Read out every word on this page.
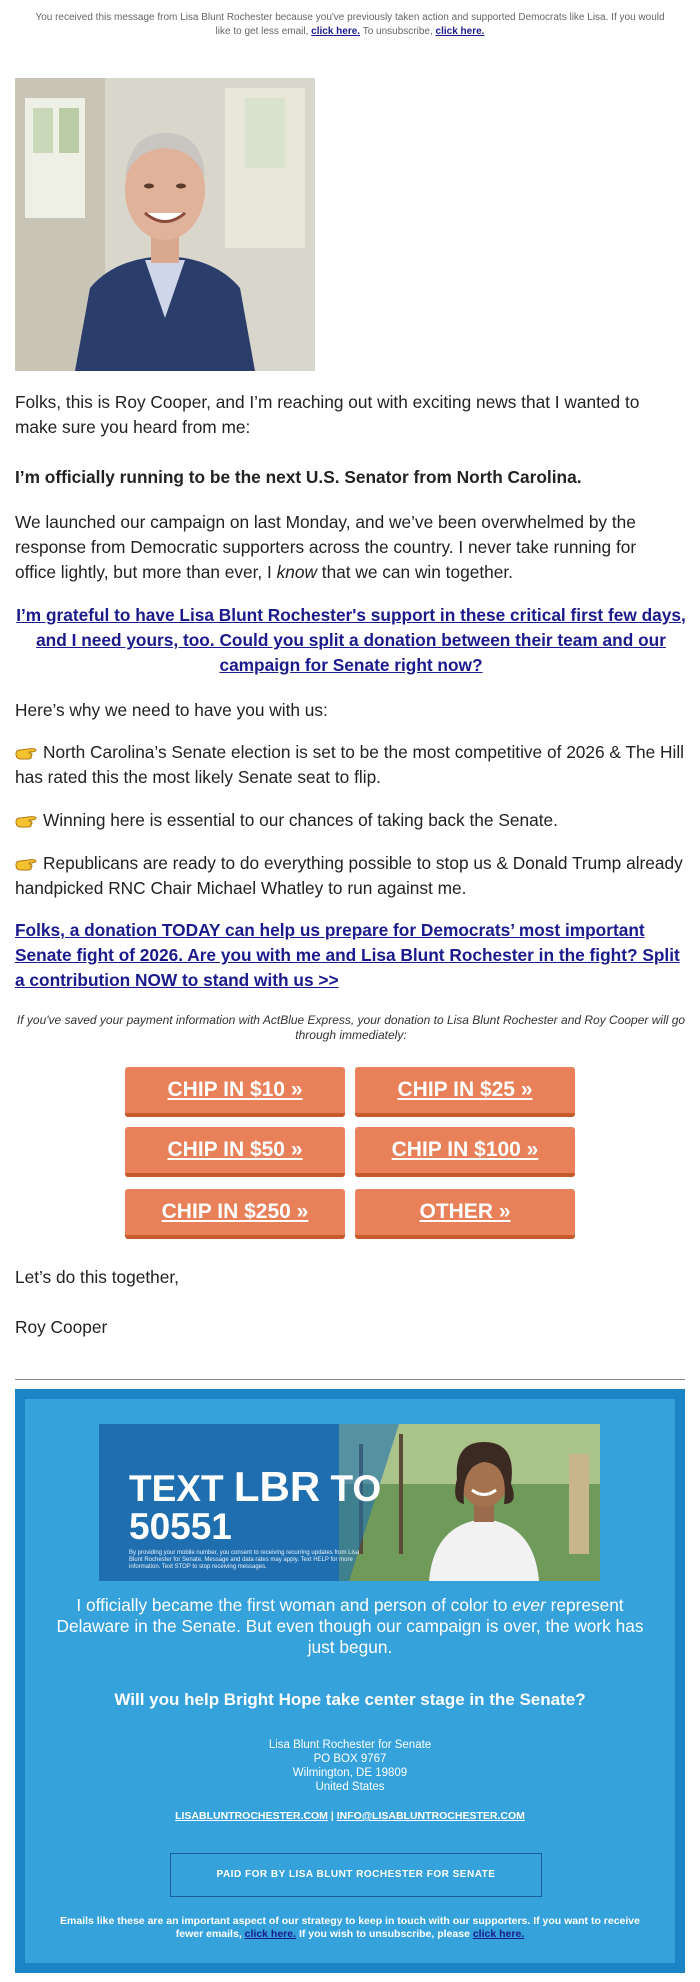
You received this message from Lisa Blunt Rochester because you've previously taken action and supported Democrats like Lisa. If you would like to get less email, click here. To unsubscribe, click here.

Folks, this is Roy Cooper, and I’m reaching out with exciting news that I wanted to make sure you heard from me:

I’m officially running to be the next U.S. Senator from North Carolina.

We launched our campaign on last Monday, and we’ve been overwhelmed by the response from Democratic supporters across the country. I never take running for office lightly, but more than ever, I know that we can win together.

I’m grateful to have Lisa Blunt Rochester's support in these critical first few days, and I need yours, too. Could you split a donation between their team and our campaign for Senate right now?

Here’s why we need to have you with us:

North Carolina’s Senate election is set to be the most competitive of 2026 & The Hill has rated this the most likely Senate seat to flip.

Winning here is essential to our chances of taking back the Senate.

Republicans are ready to do everything possible to stop us & Donald Trump already handpicked RNC Chair Michael Whatley to run against me.

Folks, a donation TODAY can help us prepare for Democrats’ most important Senate fight of 2026. Are you with me and Lisa Blunt Rochester in the fight? Split a contribution NOW to stand with us >>

If you've saved your payment information with ActBlue Express, your donation to Lisa Blunt Rochester and Roy Cooper will go through immediately:

CHIP IN $10 »	CHIP IN $25 »
CHIP IN $50 »	CHIP IN $100 »
CHIP IN $250 »	OTHER »

Let’s do this together,

Roy Cooper

TEXT LBR TO
50551
By providing your mobile number, you consent to receiving recurring updates from Lisa Blunt Rochester for Senate. Message and data rates may apply. Text HELP for more information. Text STOP to stop receiving messages.

I officially became the first woman and person of color to ever represent Delaware in the Senate. But even though our campaign is over, the work has just begun.

Will you help Bright Hope take center stage in the Senate?

Lisa Blunt Rochester for Senate
PO BOX 9767
Wilmington, DE 19809
United States
LISABLUNTROCHESTER.COM | INFO@LISABLUNTROCHESTER.COM
PAID FOR BY LISA BLUNT ROCHESTER FOR SENATE

Emails like these are an important aspect of our strategy to keep in touch with our supporters. If you want to receive fewer emails, click here. If you wish to unsubscribe, please click here.
